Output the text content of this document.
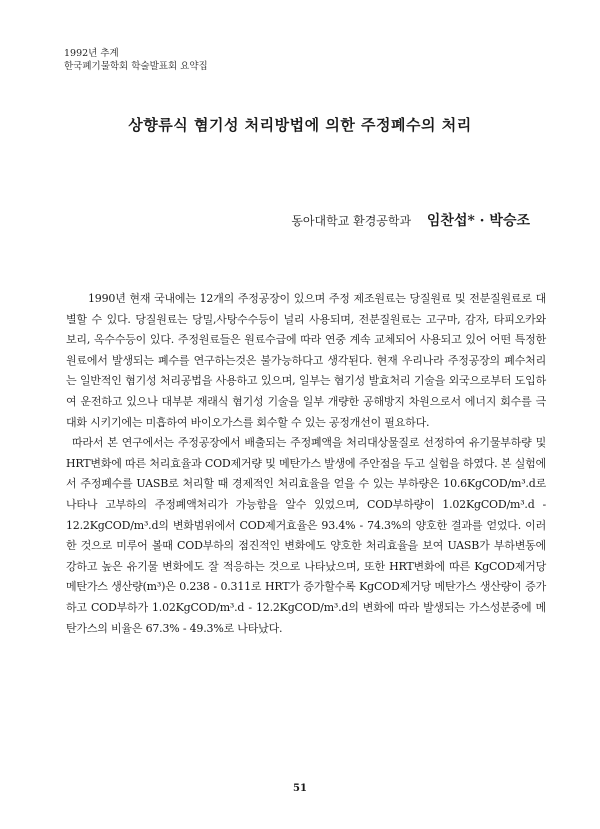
1992년 추계
한국폐기물학회 학술발표회 요약집
상향류식 혐기성 처리방법에 의한 주정폐수의 처리
동아대학교 환경공학과 임찬섭* · 박승조

1990년 현재 국내에는 12개의 주정공장이 있으며 주정 제조원료는 당질원료 및 전분질원료로 대별할 수 있다. 당질원료는 당밀,사탕수수등이 널리 사용되며, 전분질원료는 고구마, 감자, 타피오카와 보리, 옥수수등이 있다. 주정원료들은 원료수급에 따라 연중 계속 교체되어 사용되고 있어 어떤 특정한 원료에서 발생되는 폐수를 연구하는것은 불가능하다고 생각된다. 현재 우리나라 주정공장의 폐수처리는 일반적인 혐기성 처리공법을 사용하고 있으며, 일부는 혐기성 발효처리 기술을 외국으로부터 도입하여 운전하고 있으나 대부분 재래식 혐기성 기술을 일부 개량한 공해방지 차원으로서 에너지 회수를 극대화 시키기에는 미흡하여 바이오가스를 회수할 수 있는 공정개선이 필요하다.

따라서 본 연구에서는 주정공장에서 배출되는 주정폐액을 처리대상물질로 선정하여 유기물부하량 및 HRT변화에 따른 처리효율과 COD제거량 및 메탄가스 발생에 주안점을 두고 실험을 하였다. 본 실험에서 주정폐수를 UASB로 처리할 때 경제적인 처리효율을 얻을 수 있는 부하량은 10.6KgCOD/m³.d로 나타나 고부하의 주정폐액처리가 가능함을 알수 있었으며, COD부하량이 1.02KgCOD/m³.d - 12.2KgCOD/m³.d의 변화범위에서 COD제거효율은 93.4% - 74.3%의 양호한 결과를 얻었다. 이러한 것으로 미루어 볼때 COD부하의 점진적인 변화에도 양호한 처리효율을 보여 UASB가 부하변동에 강하고 높은 유기물 변화에도 잘 적응하는 것으로 나타났으며, 또한 HRT변화에 따른 KgCOD제거당 메탄가스 생산량(m³)은 0.238 - 0.311로 HRT가 증가할수록 KgCOD제거당 메탄가스 생산량이 증가하고 COD부하가 1.02KgCOD/m³.d - 12.2KgCOD/m³.d의 변화에 따라 발생되는 가스성분중에 메탄가스의 비율은 67.3% - 49.3%로 나타났다.

51
